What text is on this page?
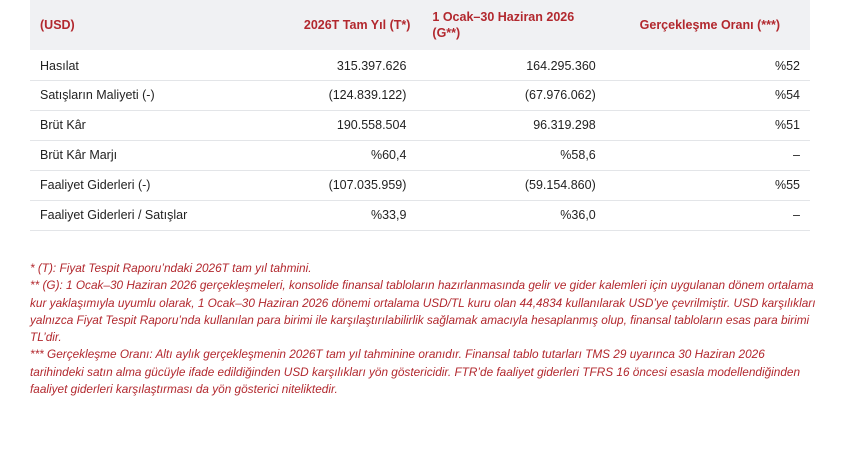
(USD)	2026T Tam Yıl (T*)	1 Ocak–30 Haziran 2026 (G**)	Gerçekleşme Oranı (***)
Hasılat	315.397.626	164.295.360	%52
Satışların Maliyeti (-)	(124.839.122)	(67.976.062)	%54
Brüt Kâr	190.558.504	96.319.298	%51
Brüt Kâr Marjı	%60,4	%58,6	–
Faaliyet Giderleri (-)	(107.035.959)	(59.154.860)	%55
Faaliyet Giderleri / Satışlar	%33,9	%36,0	–

* (T): Fiyat Tespit Raporu’ndaki 2026T tam yıl tahmini.

** (G): 1 Ocak–30 Haziran 2026 gerçekleşmeleri, konsolide finansal tabloların hazırlanmasında gelir ve gider kalemleri için uygulanan dönem ortalama kur yaklaşımıyla uyumlu olarak, 1 Ocak–30 Haziran 2026 dönemi ortalama USD/TL kuru olan 44,4834 kullanılarak USD’ye çevrilmiştir. USD karşılıkları yalnızca Fiyat Tespit Raporu’nda kullanılan para birimi ile karşılaştırılabilirlik sağlamak amacıyla hesaplanmış olup, finansal tabloların esas para birimi TL’dir.

*** Gerçekleşme Oranı: Altı aylık gerçekleşmenin 2026T tam yıl tahminine oranıdır. Finansal tablo tutarları TMS 29 uyarınca 30 Haziran 2026 tarihindeki satın alma gücüyle ifade edildiğinden USD karşılıkları yön göstericidir. FTR’de faaliyet giderleri TFRS 16 öncesi esasla modellendiğinden faaliyet giderleri karşılaştırması da yön gösterici niteliktedir.
